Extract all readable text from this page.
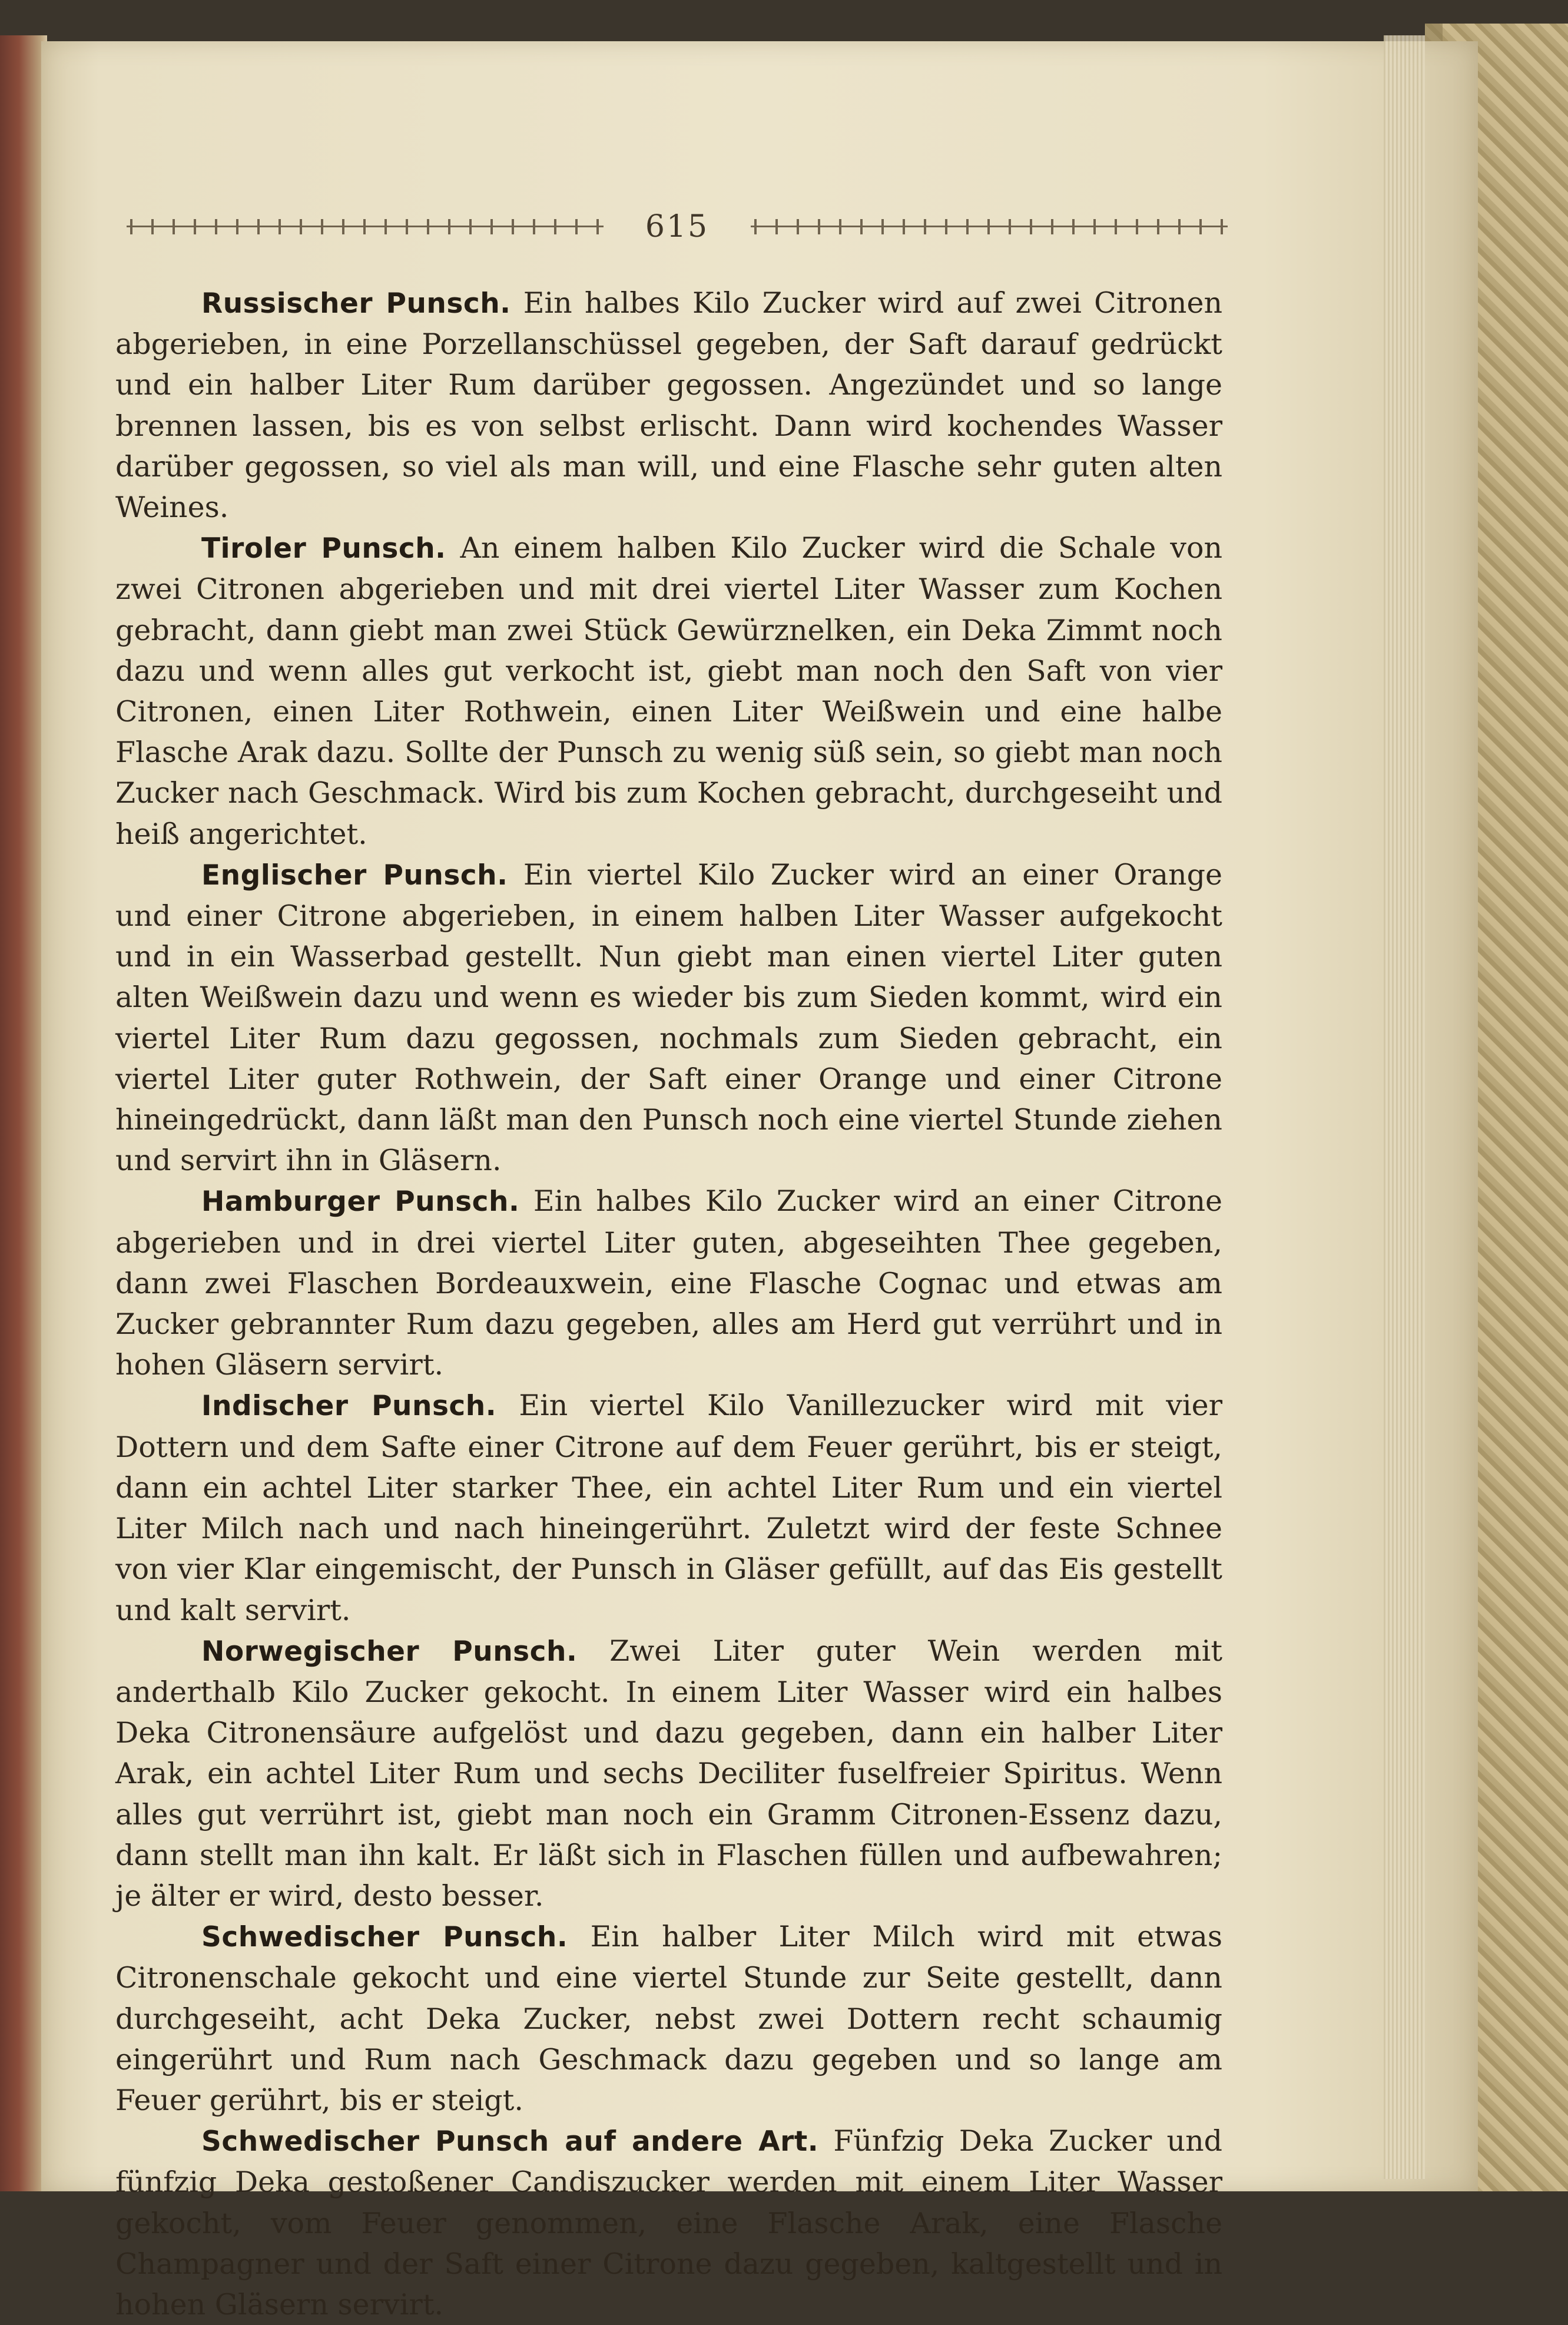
615

Russischer Punsch. Ein halbes Kilo Zucker wird auf zwei Citronen abgerieben, in eine Porzellanschüssel gegeben, der Saft darauf gedrückt und ein halber Liter Rum darüber gegossen. Angezündet und so lange brennen lassen, bis es von selbst erlischt. Dann wird kochendes Wasser darüber gegossen, so viel als man will, und eine Flasche sehr guten alten Weines.

Tiroler Punsch. An einem halben Kilo Zucker wird die Schale von zwei Citronen abgerieben und mit drei viertel Liter Wasser zum Kochen gebracht, dann giebt man zwei Stück Gewürznelken, ein Deka Zimmt noch dazu und wenn alles gut verkocht ist, giebt man noch den Saft von vier Citronen, einen Liter Rothwein, einen Liter Weißwein und eine halbe Flasche Arak dazu. Sollte der Punsch zu wenig süß sein, so giebt man noch Zucker nach Geschmack. Wird bis zum Kochen gebracht, durchgeseiht und heiß angerichtet.

Englischer Punsch. Ein viertel Kilo Zucker wird an einer Orange und einer Citrone abgerieben, in einem halben Liter Wasser aufgekocht und in ein Wasserbad gestellt. Nun giebt man einen viertel Liter guten alten Weißwein dazu und wenn es wieder bis zum Sieden kommt, wird ein viertel Liter Rum dazu gegossen, nochmals zum Sieden gebracht, ein viertel Liter guter Rothwein, der Saft einer Orange und einer Citrone hineingedrückt, dann läßt man den Punsch noch eine viertel Stunde ziehen und servirt ihn in Gläsern.

Hamburger Punsch. Ein halbes Kilo Zucker wird an einer Citrone abgerieben und in drei viertel Liter guten, abgeseihten Thee gegeben, dann zwei Flaschen Bordeauxwein, eine Flasche Cognac und etwas am Zucker gebrannter Rum dazu gegeben, alles am Herd gut verrührt und in hohen Gläsern servirt.

Indischer Punsch. Ein viertel Kilo Vanillezucker wird mit vier Dottern und dem Safte einer Citrone auf dem Feuer gerührt, bis er steigt, dann ein achtel Liter starker Thee, ein achtel Liter Rum und ein viertel Liter Milch nach und nach hineingerührt. Zuletzt wird der feste Schnee von vier Klar eingemischt, der Punsch in Gläser gefüllt, auf das Eis gestellt und kalt servirt.

Norwegischer Punsch. Zwei Liter guter Wein werden mit anderthalb Kilo Zucker gekocht. In einem Liter Wasser wird ein halbes Deka Citronensäure aufgelöst und dazu gegeben, dann ein halber Liter Arak, ein achtel Liter Rum und sechs Deciliter fuselfreier Spiritus. Wenn alles gut verrührt ist, giebt man noch ein Gramm Citronen-Essenz dazu, dann stellt man ihn kalt. Er läßt sich in Flaschen füllen und aufbewahren; je älter er wird, desto besser.

Schwedischer Punsch. Ein halber Liter Milch wird mit etwas Citronenschale gekocht und eine viertel Stunde zur Seite gestellt, dann durchgeseiht, acht Deka Zucker, nebst zwei Dottern recht schaumig eingerührt und Rum nach Geschmack dazu gegeben und so lange am Feuer gerührt, bis er steigt.

Schwedischer Punsch auf andere Art. Fünfzig Deka Zucker und fünfzig Deka gestoßener Candiszucker werden mit einem Liter Wasser gekocht, vom Feuer genommen, eine Flasche Arak, eine Flasche Champagner und der Saft einer Citrone dazu gegeben, kaltgestellt und in hohen Gläsern servirt.
